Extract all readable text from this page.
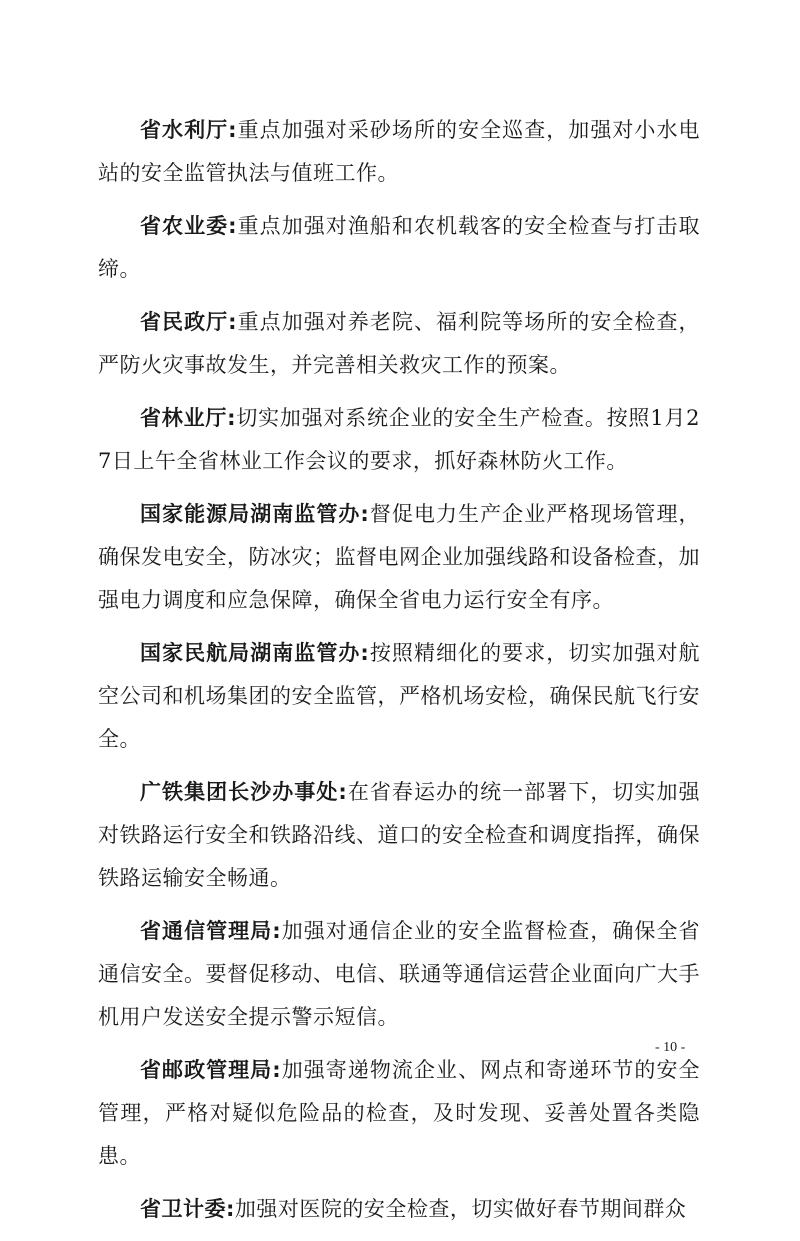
省水利厅:重点加强对采砂场所的安全巡查，加强对小水电站的安全监管执法与值班工作。

省农业委:重点加强对渔船和农机载客的安全检查与打击取缔。

省民政厅:重点加强对养老院、福利院等场所的安全检查，严防火灾事故发生，并完善相关救灾工作的预案。

省林业厅:切实加强对系统企业的安全生产检查。按照1月27日上午全省林业工作会议的要求，抓好森林防火工作。

国家能源局湖南监管办:督促电力生产企业严格现场管理，确保发电安全，防冰灾；监督电网企业加强线路和设备检查，加强电力调度和应急保障，确保全省电力运行安全有序。

国家民航局湖南监管办:按照精细化的要求，切实加强对航空公司和机场集团的安全监管，严格机场安检，确保民航飞行安全。

广铁集团长沙办事处:在省春运办的统一部署下，切实加强对铁路运行安全和铁路沿线、道口的安全检查和调度指挥，确保铁路运输安全畅通。

省通信管理局:加强对通信企业的安全监督检查，确保全省通信安全。要督促移动、电信、联通等通信运营企业面向广大手机用户发送安全提示警示短信。

省邮政管理局:加强寄递物流企业、网点和寄递环节的安全管理，严格对疑似危险品的检查，及时发现、妥善处置各类隐患。

省卫计委:加强对医院的安全检查，切实做好春节期间群众

- 10 -
